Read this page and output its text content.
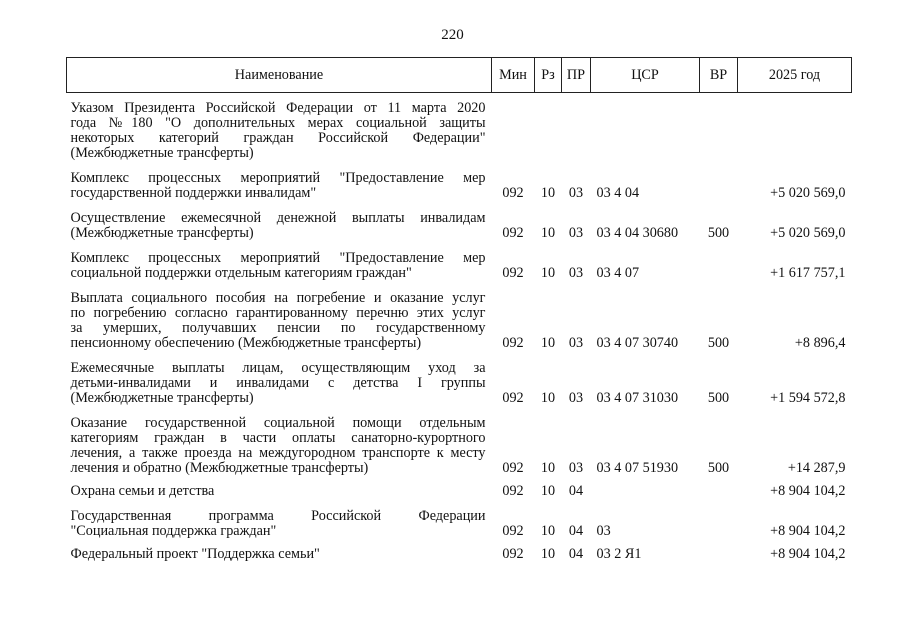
220
Наименование	Мин	Рз	ПР	ЦСР	ВР	2025 год

Указом Президента Российской Федерации от 11 марта 2020
года №180 "О дополнительных мерах социальной защиты
некоторых категорий граждан Российской Федерации"
(Межбюджетные трансферты)						

Комплекс процессных мероприятий "Предоставление мер
государственной поддержки инвалидам"	092	10	03	03 4 04		+5 020 569,0

Осуществление ежемесячной денежной выплаты инвалидам
(Межбюджетные трансферты)	092	10	03	03 4 04 30680	500	+5 020 569,0

Комплекс процессных мероприятий "Предоставление мер
социальной поддержки отдельным категориям граждан"	092	10	03	03 4 07		+1 617 757,1

Выплата социального пособия на погребение и оказание услуг
по погребению согласно гарантированному перечню этих услуг
за умерших, получавших пенсии по государственному
пенсионному обеспечению (Межбюджетные трансферты)	092	10	03	03 4 07 30740	500	+8 896,4

Ежемесячные выплаты лицам, осуществляющим уход за
детьми-инвалидами и инвалидами с детства I группы
(Межбюджетные трансферты)	092	10	03	03 4 07 31030	500	+1 594 572,8

Оказание государственной социальной помощи отдельным
категориям граждан в части оплаты санаторно-курортного
лечения, а также проезда на междугородном транспорте к месту
лечения и обратно (Межбюджетные трансферты)	092	10	03	03 4 07 51930	500	+14 287,9

Охрана семьи и детства	092	10	04			+8 904 104,2

Государственная программа Российской Федерации
"Социальная поддержка граждан"	092	10	04	03		+8 904 104,2

Федеральный проект "Поддержка семьи"	092	10	04	03 2 Я1		+8 904 104,2
